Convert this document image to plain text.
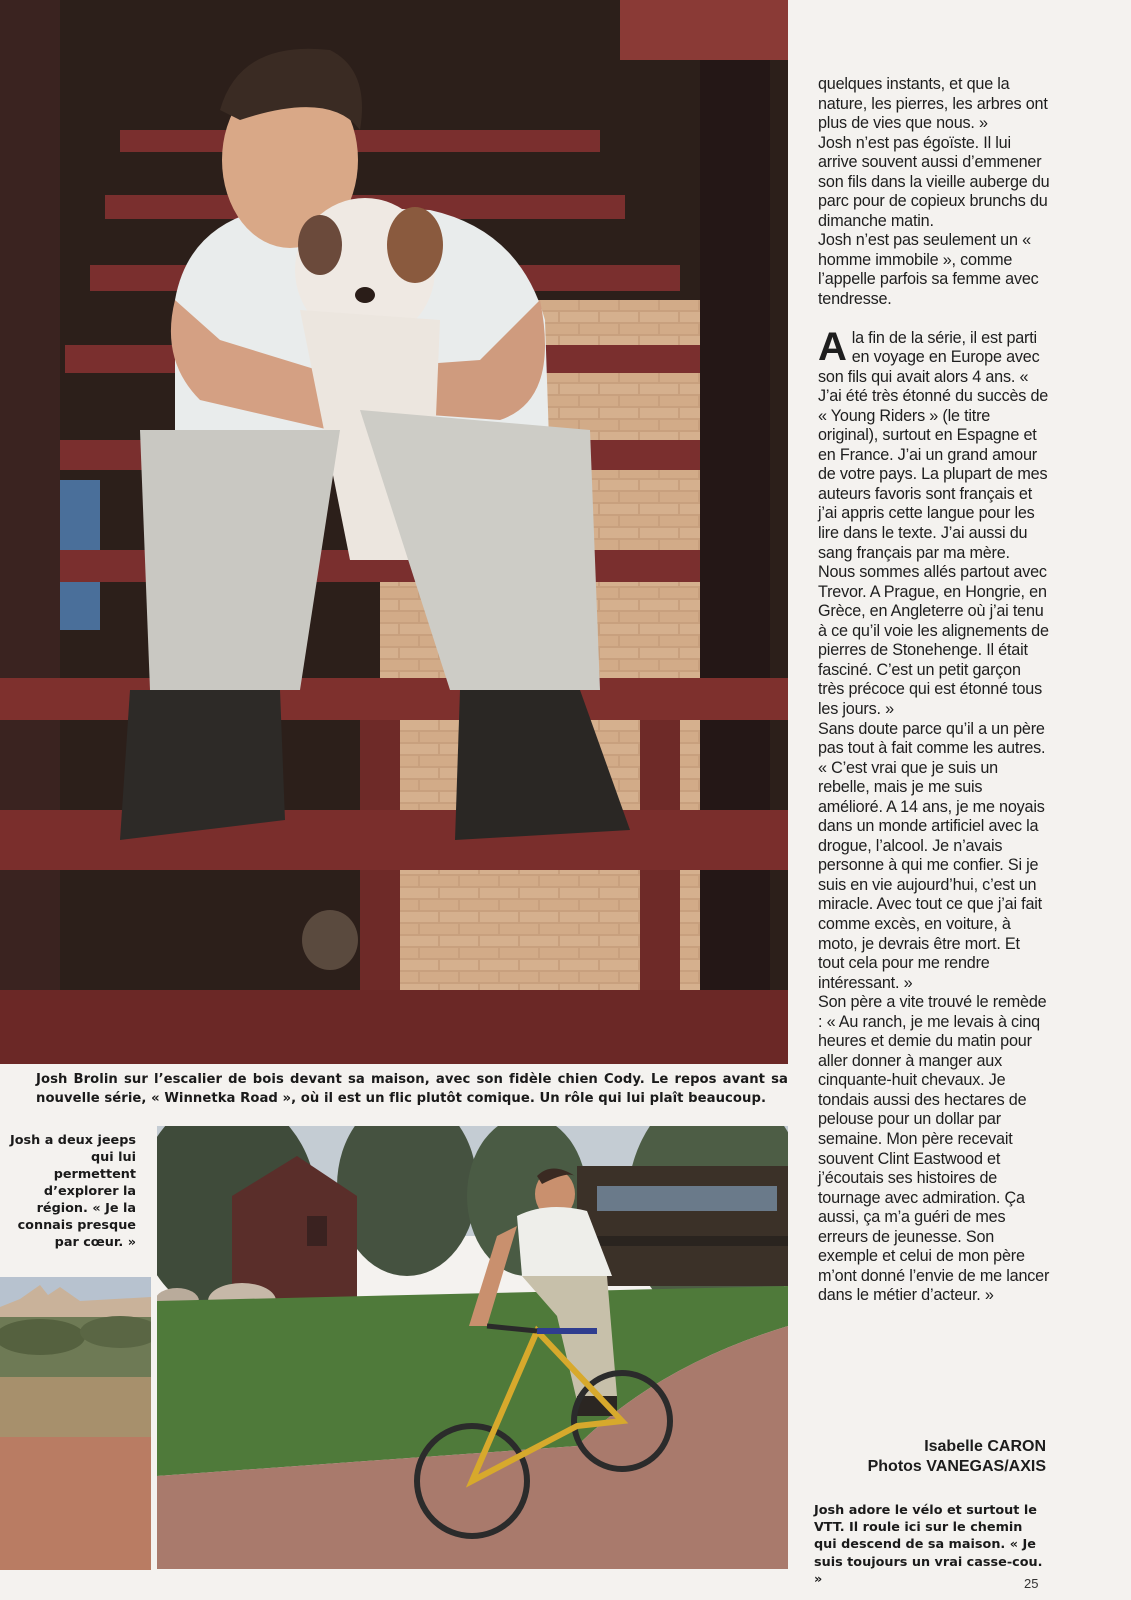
Josh Brolin sur l’escalier de bois devant sa maison, avec son fidèle chien Cody. Le repos avant sa nouvelle série, « Winnetka Road », où il est un flic plutôt comique. Un rôle qui lui plaît beaucoup.
Josh a deux jeeps qui lui permettent d’explorer la région. « Je la connais presque par cœur. »

quelques instants, et que la nature, les pierres, les arbres ont plus de vies que nous. »

Josh n’est pas égoïste. Il lui arrive souvent aussi d’emmener son fils dans la vieille auberge du parc pour de copieux brunchs du dimanche matin.

Josh n’est pas seulement un « homme immobile », comme l’appelle parfois sa femme avec tendresse.

A la fin de la série, il est parti en voyage en Europe avec son fils qui avait alors 4 ans. « J’ai été très étonné du succès de « Young Riders » (le titre original), surtout en Espagne et en France. J’ai un grand amour de votre pays. La plupart de mes auteurs favoris sont français et j’ai appris cette langue pour les lire dans le texte. J’ai aussi du sang français par ma mère. Nous sommes allés partout avec Trevor. A Prague, en Hongrie, en Grèce, en Angleterre où j’ai tenu à ce qu’il voie les alignements de pierres de Stonehenge. Il était fasciné. C’est un petit garçon très précoce qui est étonné tous les jours. »

Sans doute parce qu’il a un père pas tout à fait comme les autres. « C’est vrai que je suis un rebelle, mais je me suis amélioré. A 14 ans, je me noyais dans un monde artificiel avec la drogue, l’alcool. Je n’avais personne à qui me confier. Si je suis en vie aujourd’hui, c’est un miracle. Avec tout ce que j’ai fait comme excès, en voiture, à moto, je devrais être mort. Et tout cela pour me rendre intéressant. »

Son père a vite trouvé le remède : « Au ranch, je me levais à cinq heures et demie du matin pour aller donner à manger aux cinquante-huit chevaux. Je tondais aussi des hectares de pelouse pour un dollar par semaine. Mon père recevait souvent Clint Eastwood et j’écoutais ses histoires de tournage avec admiration. Ça aussi, ça m’a guéri de mes erreurs de jeunesse. Son exemple et celui de mon père m’ont donné l’envie de me lancer dans le métier d’acteur. »

Isabelle CARON
Photos VANEGAS/AXIS
Josh adore le vélo et surtout le VTT. Il roule ici sur le chemin qui descend de sa maison. « Je suis toujours un vrai casse-cou. »	25
